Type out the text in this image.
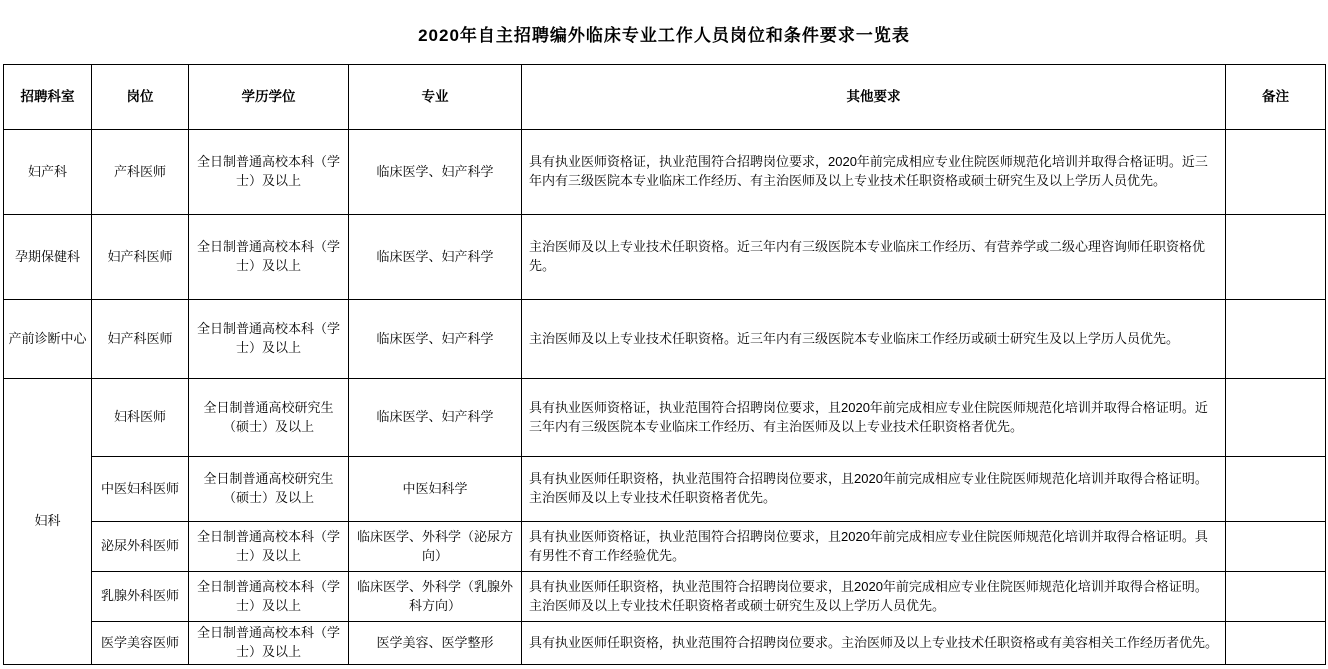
2020年自主招聘编外临床专业工作人员岗位和条件要求一览表
招聘科室	岗位	学历学位	专业	其他要求	备注
妇产科	产科医师	全日制普通高校本科（学士）及以上	临床医学、妇产科学	具有执业医师资格证，执业范围符合招聘岗位要求，2020年前完成相应专业住院医师规范化培训并取得合格证明。近三年内有三级医院本专业临床工作经历、有主治医师及以上专业技术任职资格或硕士研究生及以上学历人员优先。	
孕期保健科	妇产科医师	全日制普通高校本科（学士）及以上	临床医学、妇产科学	主治医师及以上专业技术任职资格。近三年内有三级医院本专业临床工作经历、有营养学或二级心理咨询师任职资格优先。	
产前诊断中心	妇产科医师	全日制普通高校本科（学士）及以上	临床医学、妇产科学	主治医师及以上专业技术任职资格。近三年内有三级医院本专业临床工作经历或硕士研究生及以上学历人员优先。	
妇科	妇科医师	全日制普通高校研究生（硕士）及以上	临床医学、妇产科学	具有执业医师资格证，执业范围符合招聘岗位要求，且2020年前完成相应专业住院医师规范化培训并取得合格证明。近三年内有三级医院本专业临床工作经历、有主治医师及以上专业技术任职资格者优先。	
	中医妇科医师	全日制普通高校研究生（硕士）及以上	中医妇科学	具有执业医师任职资格，执业范围符合招聘岗位要求，且2020年前完成相应专业住院医师规范化培训并取得合格证明。主治医师及以上专业技术任职资格者优先。	
	泌尿外科医师	全日制普通高校本科（学士）及以上	临床医学、外科学（泌尿方向）	具有执业医师资格证，执业范围符合招聘岗位要求，且2020年前完成相应专业住院医师规范化培训并取得合格证明。具有男性不育工作经验优先。	
	乳腺外科医师	全日制普通高校本科（学士）及以上	临床医学、外科学（乳腺外科方向）	具有执业医师任职资格，执业范围符合招聘岗位要求，且2020年前完成相应专业住院医师规范化培训并取得合格证明。主治医师及以上专业技术任职资格者或硕士研究生及以上学历人员优先。	
	医学美容医师	全日制普通高校本科（学士）及以上	医学美容、医学整形	具有执业医师任职资格，执业范围符合招聘岗位要求。主治医师及以上专业技术任职资格或有美容相关工作经历者优先。	
